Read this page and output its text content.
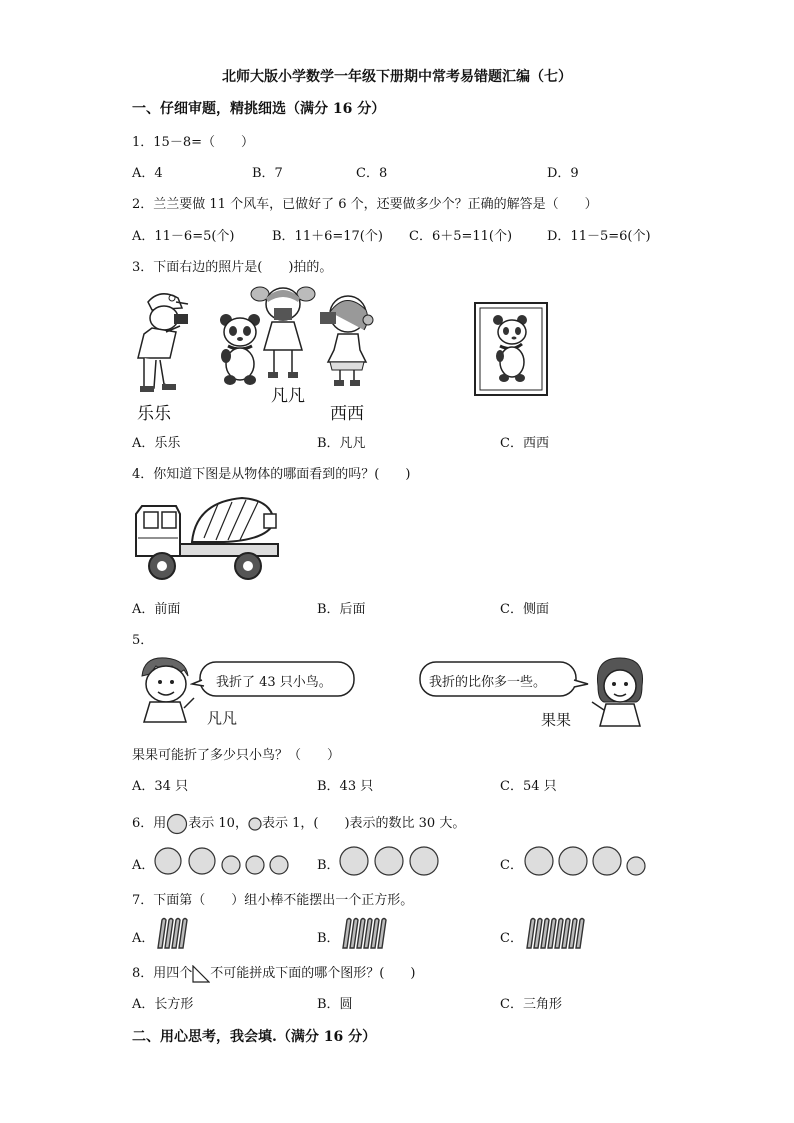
北师大版小学数学一年级下册期中常考易错题汇编（七）
一、仔细审题，精挑细选（满分 16 分）
1．15－8=（　　）
A．4	B．7	C．8	D．9
2．兰兰要做 11 个风车，已做好了 6 个，还要做多少个？正确的解答是（　　）
A．11－6=5(个)	B．11＋6=17(个) C．6＋5=11(个)	D．11－5=6(个)
3．下面右边的照片是(　　)拍的。
乐乐
凡凡
西西
A．乐乐	B．凡凡	C．西西
4．你知道下图是从物体的哪面看到的吗？(　　)
A．前面	B．后面	C．侧面
5．
我折了 43 只小鸟。
凡凡
我折的比你多一些。
果果
果果可能折了多少只小鸟？（　　）
A．34 只	B．43 只	C．54 只
6．用 表示 10， 表示 1，(　　)表示的数比 30 大。
A．	B．	C．
7．下面第（　　）组小棒不能摆出一个正方形。
A．	B．	C．
8．用四个 不可能拼成下面的哪个图形？(　　)
A．长方形	B．圆	C．三角形
二、用心思考，我会填.（满分 16 分）
